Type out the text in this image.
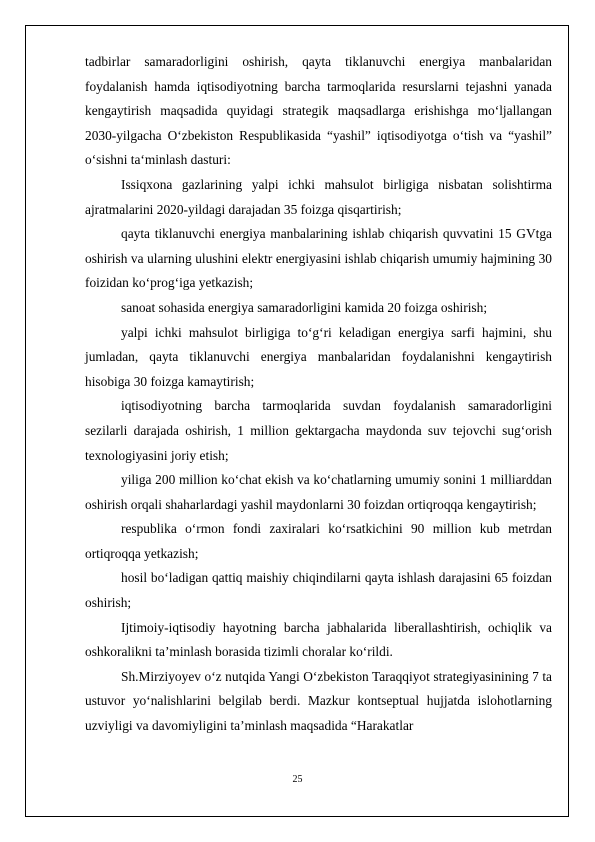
tadbirlar samaradorligini oshirish, qayta tiklanuvchi energiya manbalaridan foydalanish hamda iqtisodiyotning barcha tarmoqlarida resurslarni tejashni yanada kengaytirish maqsadida quyidagi strategik maqsadlarga erishishga mo‘ljallangan 2030-yilgacha O‘zbekiston Respublikasida “yashil” iqtisodiyotga o‘tish va “yashil” o‘sishni ta‘minlash dasturi:

Issiqxona gazlarining yalpi ichki mahsulot birligiga nisbatan solishtirma ajratmalarini 2020-yildagi darajadan 35 foizga qisqartirish;

qayta tiklanuvchi energiya manbalarining ishlab chiqarish quvvatini 15 GVtga oshirish va ularning ulushini elektr energiyasini ishlab chiqarish umumiy hajmining 30 foizidan ko‘prog‘iga yetkazish;

sanoat sohasida energiya samaradorligini kamida 20 foizga oshirish;

yalpi ichki mahsulot birligiga to‘g‘ri keladigan energiya sarfi hajmini, shu jumladan, qayta tiklanuvchi energiya manbalaridan foydalanishni kengaytirish hisobiga 30 foizga kamaytirish;

iqtisodiyotning barcha tarmoqlarida suvdan foydalanish samaradorligini sezilarli darajada oshirish, 1 million gektargacha maydonda suv tejovchi sug‘orish texnologiyasini joriy etish;

yiliga 200 million ko‘chat ekish va ko‘chatlarning umumiy sonini 1 milliarddan oshirish orqali shaharlardagi yashil maydonlarni 30 foizdan ortiqroqqa kengaytirish;

respublika o‘rmon fondi zaxiralari ko‘rsatkichini 90 million kub metrdan ortiqroqqa yetkazish;

hosil bo‘ladigan qattiq maishiy chiqindilarni qayta ishlash darajasini 65 foizdan oshirish;

Ijtimoiy-iqtisodiy hayotning barcha jabhalarida liberallashtirish, ochiqlik va oshkoralikni ta’minlash borasida tizimli choralar ko‘rildi.

Sh.Mirziyoyev o‘z nutqida Yangi O‘zbekiston Taraqqiyot strategiyasinining 7 ta ustuvor yo‘nalishlarini belgilab berdi. Mazkur kontseptual hujjatda islohotlarning uzviyligi va davomiyligini ta’minlash maqsadida “Harakatlar

25
